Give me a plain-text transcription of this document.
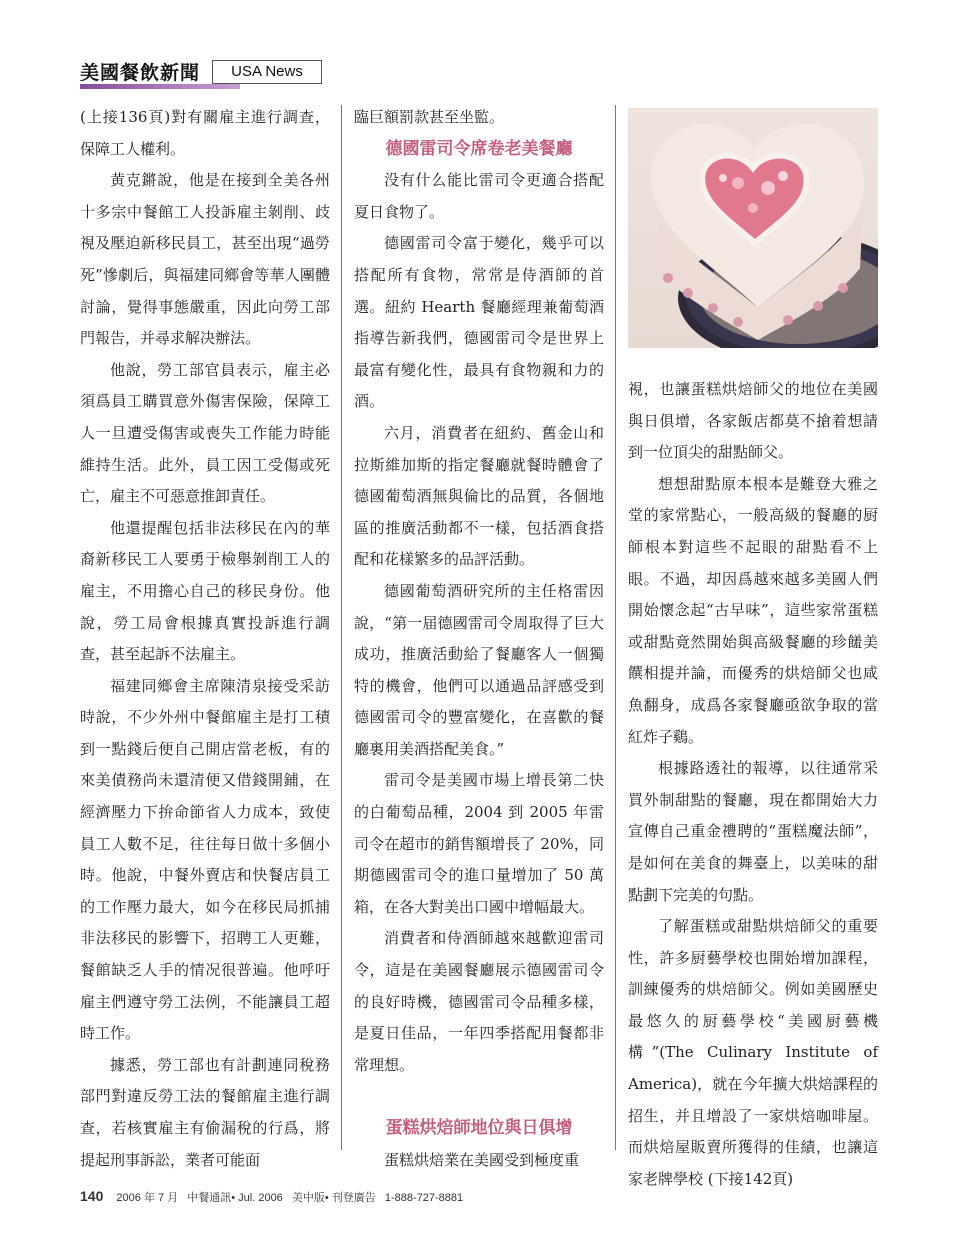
美國餐飲新聞	USA News

(上接136頁)對有關雇主進行調查，保障工人權利。

黄克鏘說，他是在接到全美各州十多宗中餐館工人投訴雇主剝削、歧視及壓迫新移民員工，甚至出現“過勞死”慘劇后，與福建同鄉會等華人團體討論，覺得事態嚴重，因此向勞工部門報告，并尋求解决辦法。

他說，勞工部官員表示，雇主必須爲員工購買意外傷害保險，保障工人一旦遭受傷害或喪失工作能力時能維持生活。此外，員工因工受傷或死亡，雇主不可惡意推卸責任。

他還提醒包括非法移民在內的華裔新移民工人要勇于檢舉剝削工人的雇主，不用擔心自己的移民身份。他說，勞工局會根據真實投訴進行調查，甚至起訴不法雇主。

福建同鄉會主席陳清泉接受采訪時說，不少外州中餐館雇主是打工積到一點錢后便自己開店當老板，有的來美債務尚未還清便又借錢開鋪，在經濟壓力下拚命節省人力成本，致使員工人數不足，往往每日做十多個小時。他說，中餐外賣店和快餐店員工的工作壓力最大，如今在移民局抓捕非法移民的影響下，招聘工人更難，餐館缺乏人手的情况很普遍。他呼吁雇主們遵守勞工法例，不能讓員工超時工作。

據悉，勞工部也有計劃連同稅務部門對違反勞工法的餐館雇主進行調查，若核實雇主有偷漏稅的行爲，將提起刑事訴訟，業者可能面

臨巨額罰款甚至坐監。

德國雷司令席卷老美餐廳

没有什么能比雷司令更適合搭配夏日食物了。

德國雷司令富于變化，幾乎可以搭配所有食物，常常是侍酒師的首選。紐約 Hearth 餐廳經理兼葡萄酒指導告新我們，德國雷司令是世界上最富有變化性，最具有食物親和力的酒。

六月，消費者在紐約、舊金山和拉斯維加斯的指定餐廳就餐時體會了德國葡萄酒無與倫比的品質，各個地區的推廣活動都不一樣，包括酒食搭配和花樣繁多的品評活動。

德國葡萄酒研究所的主任格雷因說，“第一届德國雷司令周取得了巨大成功，推廣活動給了餐廳客人一個獨特的機會，他們可以通過品評感受到德國雷司令的豐富變化，在喜歡的餐廳裏用美酒搭配美食。”

雷司令是美國市場上增長第二快的白葡萄品種，2004 到 2005 年雷司令在超市的銷售額增長了 20%，同期德國雷司令的進口量增加了 50 萬箱，在各大對美出口國中增幅最大。

消費者和侍酒師越來越歡迎雷司令，這是在美國餐廳展示德國雷司令的良好時機，德國雷司令品種多樣，是夏日佳品，一年四季搭配用餐都非常理想。

蛋糕烘焙師地位與日俱增

蛋糕烘焙業在美國受到極度重

視，也讓蛋糕烘焙師父的地位在美國與日俱增，各家飯店都莫不搶着想請到一位頂尖的甜點師父。

想想甜點原本根本是難登大雅之堂的家常點心，一般高級的餐廳的厨師根本對這些不起眼的甜點看不上眼。不過，却因爲越來越多美國人們開始懷念起“古早味”，這些家常蛋糕或甜點竟然開始與高級餐廳的珍饈美饌相提并論，而優秀的烘焙師父也咸魚翻身，成爲各家餐廳亟欲争取的當紅炸子鷄。

根據路透社的報導，以往通常采買外制甜點的餐廳，現在都開始大力宣傳自己重金禮聘的“蛋糕魔法師”，是如何在美食的舞臺上，以美味的甜點劃下完美的句點。

了解蛋糕或甜點烘焙師父的重要性，許多厨藝學校也開始增加課程，訓練優秀的烘焙師父。例如美國歷史最悠久的厨藝學校“美國厨藝機構”(The Culinary Institute of America)，就在今年擴大烘焙課程的招生，并且增設了一家烘焙咖啡屋。而烘焙屋販賣所獲得的佳績，也讓這家老牌學校 (下接142頁)

140 2006 年 7 月 中餐通訊• Jul. 2006 美中版• 刊登廣告 1-888-727-8881
